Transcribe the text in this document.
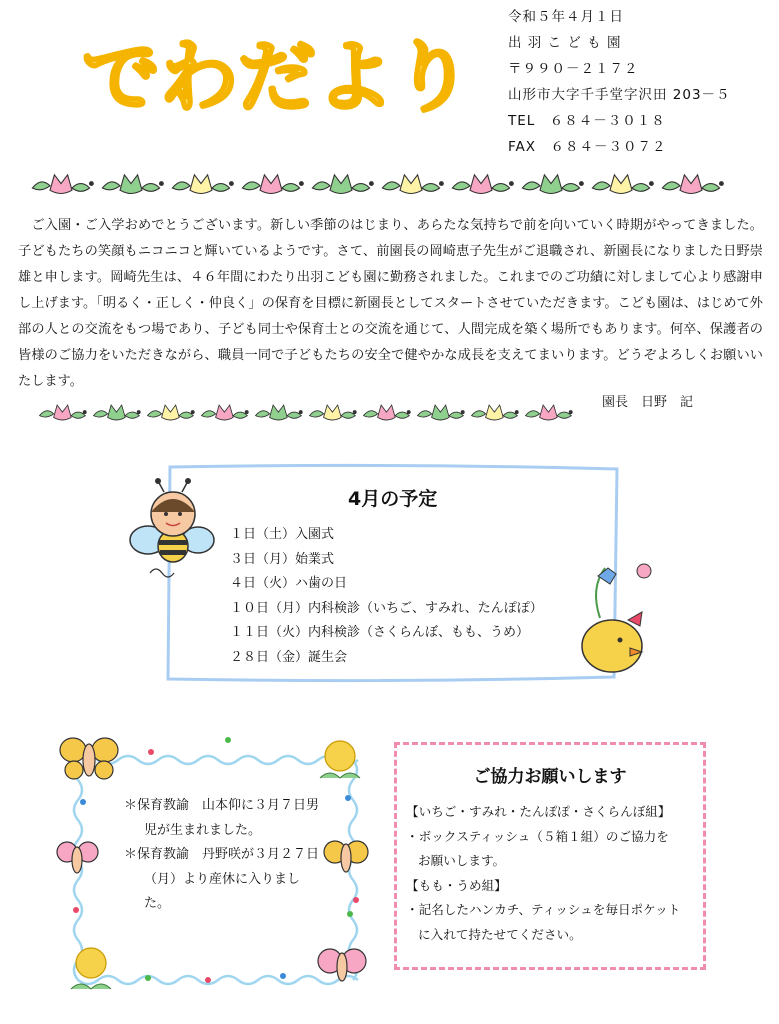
でわだより
令和５年４月１日
出 羽 こ ど も 園
〒９９０－２１７２
山形市大字千手堂字沢田 203－５
TEL　６８４－３０１８
FAX　６８４－３０７２
　ご入園・ご入学おめでとうございます。新しい季節のはじまり、あらたな気持ちで前を向いていく時期がやってきました。子どもたちの笑顔もニコニコと輝いているようです。さて、前園長の岡崎恵子先生がご退職され、新園長になりました日野崇雄と申します。岡崎先生は、４６年間にわたり出羽こども園に勤務されました。これまでのご功績に対しまして心より感謝申し上げます。「明るく・正しく・仲良く」の保育を目標に新園長としてスタートさせていただきます。こども園は、はじめて外部の人との交流をもつ場であり、子ども同士や保育士との交流を通じて、人間完成を築く場所でもあります。何卒、保護者の皆様のご協力をいただきながら、職員一同で子どもたちの安全で健やかな成長を支えてまいります。どうぞよろしくお願いいたします。
園長　日野　記
4月の予定
１日（土）入園式
３日（月）始業式
４日（火）ハ歯の日
１０日（月）内科検診（いちご、すみれ、たんぽぽ）
１１日（火）内科検診（さくらんぼ、もも、うめ）
２８日（金）誕生会
＊保育教諭　山本仰に３月７日男児が生まれました。
＊保育教諭　丹野咲が３月２７日（月）より産休に入りました。
ご協力お願いします

【いちご・すみれ・たんぽぽ・さくらんぼ組】

・ボックスティッシュ（５箱１組）のご協力を

お願いします。

【もも・うめ組】

・記名したハンカチ、ティッシュを毎日ポケット

に入れて持たせてください。
